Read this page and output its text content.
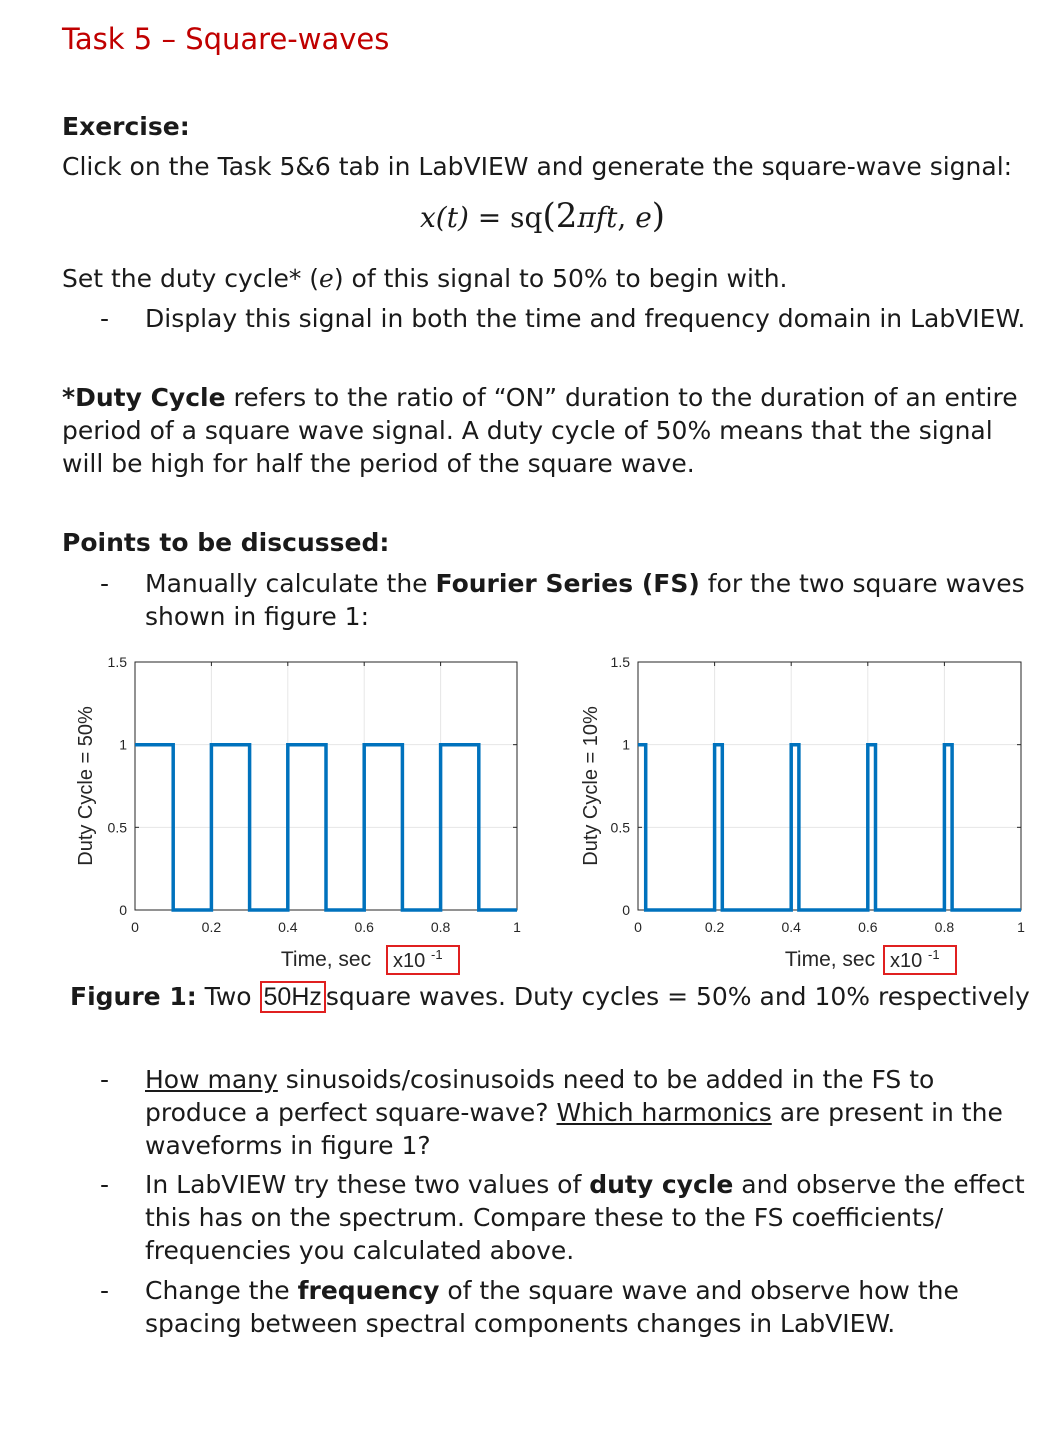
Task 5 – Square-waves
Exercise:
Click on the Task 5&6 tab in LabVIEW and generate the square-wave signal:
x(t) = sq(2πft, e)
Set the duty cycle* (e) of this signal to 50% to begin with.
- Display this signal in both the time and frequency domain in LabVIEW.
*Duty Cycle refers to the ratio of “ON” duration to the duration of an entire period of a square wave signal. A duty cycle of 50% means that the signal will be high for half the period of the square wave.
Points to be discussed:
- Manually calculate the Fourier Series (FS) for the two square waves shown in figure 1:
0	0.2	0.4	0.6	0.8	1
0
0.5
1
1.5
Duty Cycle = 50%
Time, sec x10 -1
0	0.2	0.4	0.6	0.8	1
0
0.5
1
1.5
Duty Cycle = 10%
Time, sec x10 -1
Figure 1: Two 50Hz square waves. Duty cycles = 50% and 10% respectively
- How many sinusoids/cosinusoids need to be added in the FS to produce a perfect square-wave? Which harmonics are present in the waveforms in figure 1?
- In LabVIEW try these two values of duty cycle and observe the effect this has on the spectrum. Compare these to the FS coefficients/ frequencies you calculated above.
- Change the frequency of the square wave and observe how the spacing between spectral components changes in LabVIEW.
